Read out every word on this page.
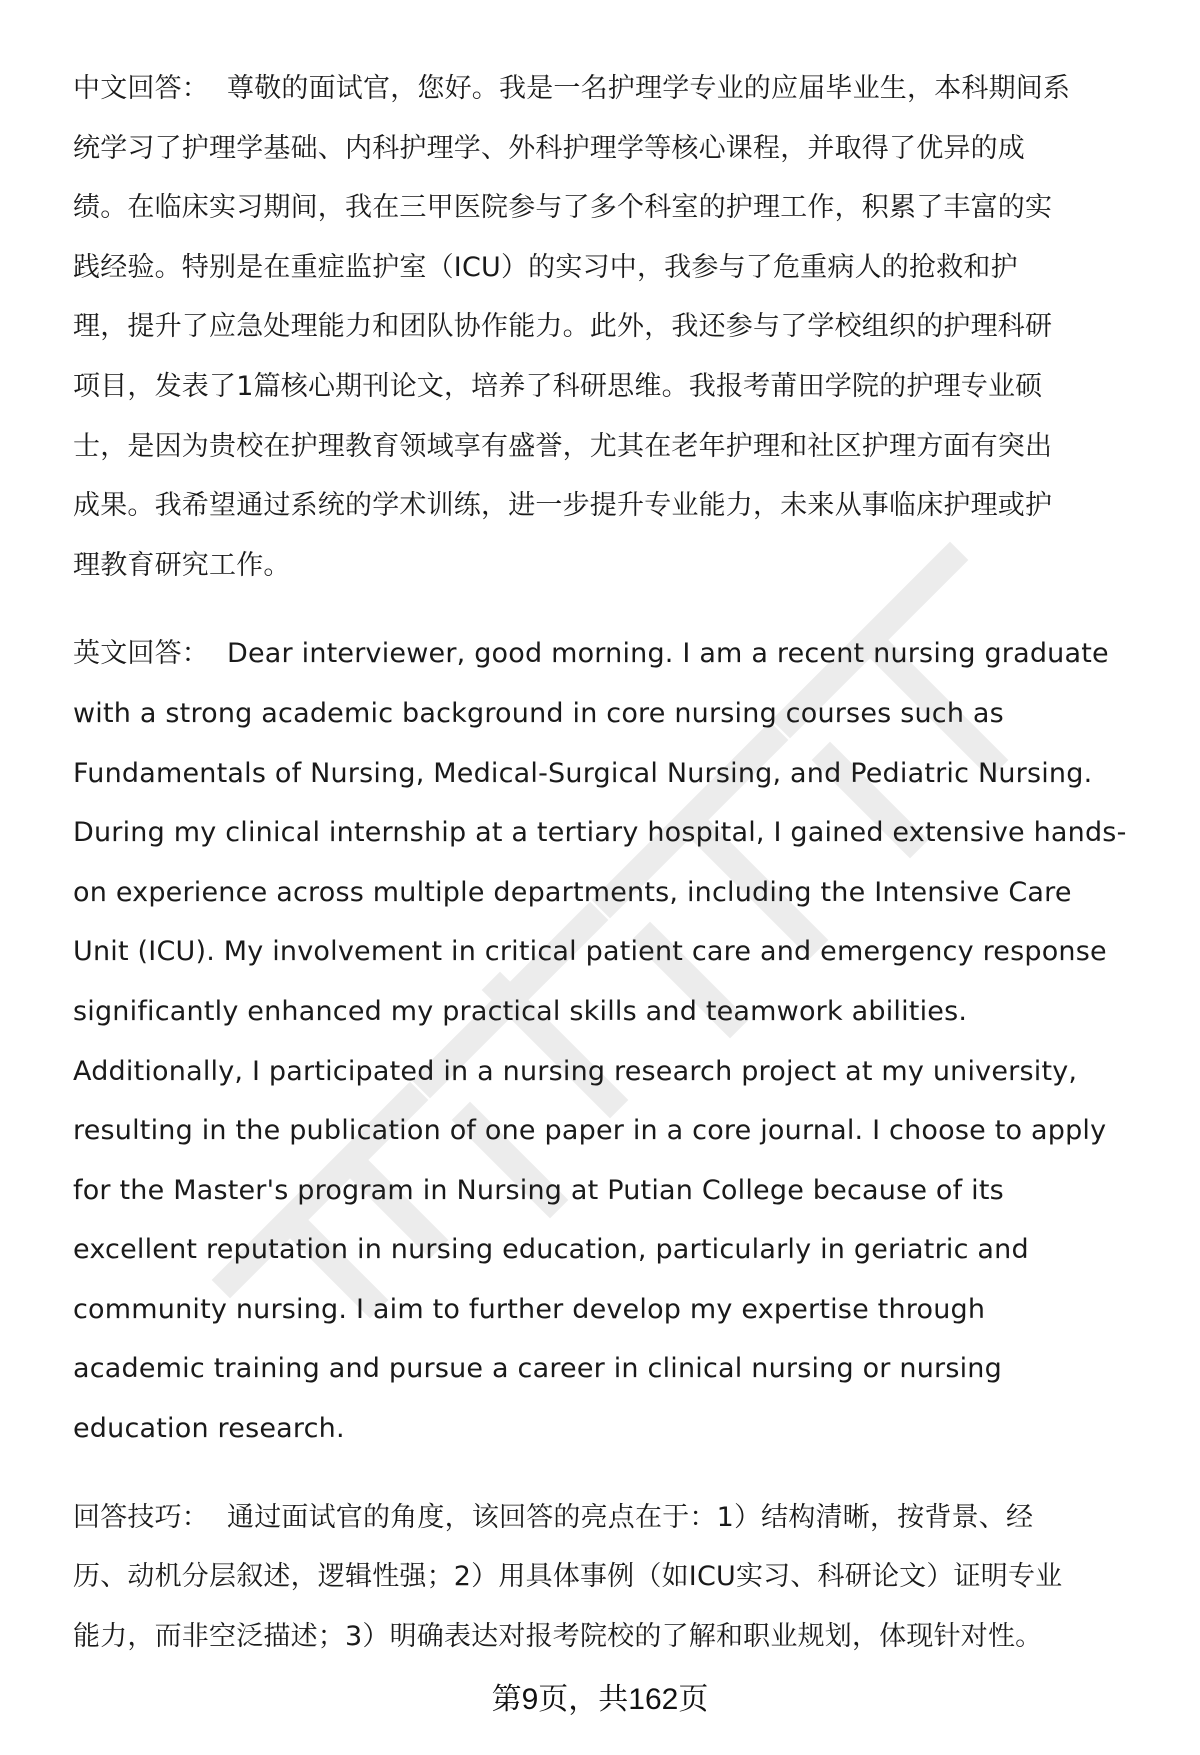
中文回答： 尊敬的面试官，您好。我是一名护理学专业的应届毕业生，本科期间系
统学习了护理学基础、内科护理学、外科护理学等核心课程，并取得了优异的成
绩。在临床实习期间，我在三甲医院参与了多个科室的护理工作，积累了丰富的实
践经验。特别是在重症监护室（ICU）的实习中，我参与了危重病人的抢救和护
理，提升了应急处理能力和团队协作能力。此外，我还参与了学校组织的护理科研
项目，发表了1篇核心期刊论文，培养了科研思维。我报考莆田学院的护理专业硕
士，是因为贵校在护理教育领域享有盛誉，尤其在老年护理和社区护理方面有突出
成果。我希望通过系统的学术训练，进一步提升专业能力，未来从事临床护理或护
理教育研究工作。
英文回答： Dear interviewer, good morning. I am a recent nursing graduate
with a strong academic background in core nursing courses such as
Fundamentals of Nursing, Medical-Surgical Nursing, and Pediatric Nursing.
During my clinical internship at a tertiary hospital, I gained extensive hands-
on experience across multiple departments, including the Intensive Care
Unit (ICU). My involvement in critical patient care and emergency response
significantly enhanced my practical skills and teamwork abilities.
Additionally, I participated in a nursing research project at my university,
resulting in the publication of one paper in a core journal. I choose to apply
for the Master's program in Nursing at Putian College because of its
excellent reputation in nursing education, particularly in geriatric and
community nursing. I aim to further develop my expertise through
academic training and pursue a career in clinical nursing or nursing
education research.
回答技巧： 通过面试官的角度，该回答的亮点在于：1）结构清晰，按背景、经
历、动机分层叙述，逻辑性强；2）用具体事例（如ICU实习、科研论文）证明专业
能力，而非空泛描述；3）明确表达对报考院校的了解和职业规划，体现针对性。
第9页，共162页
